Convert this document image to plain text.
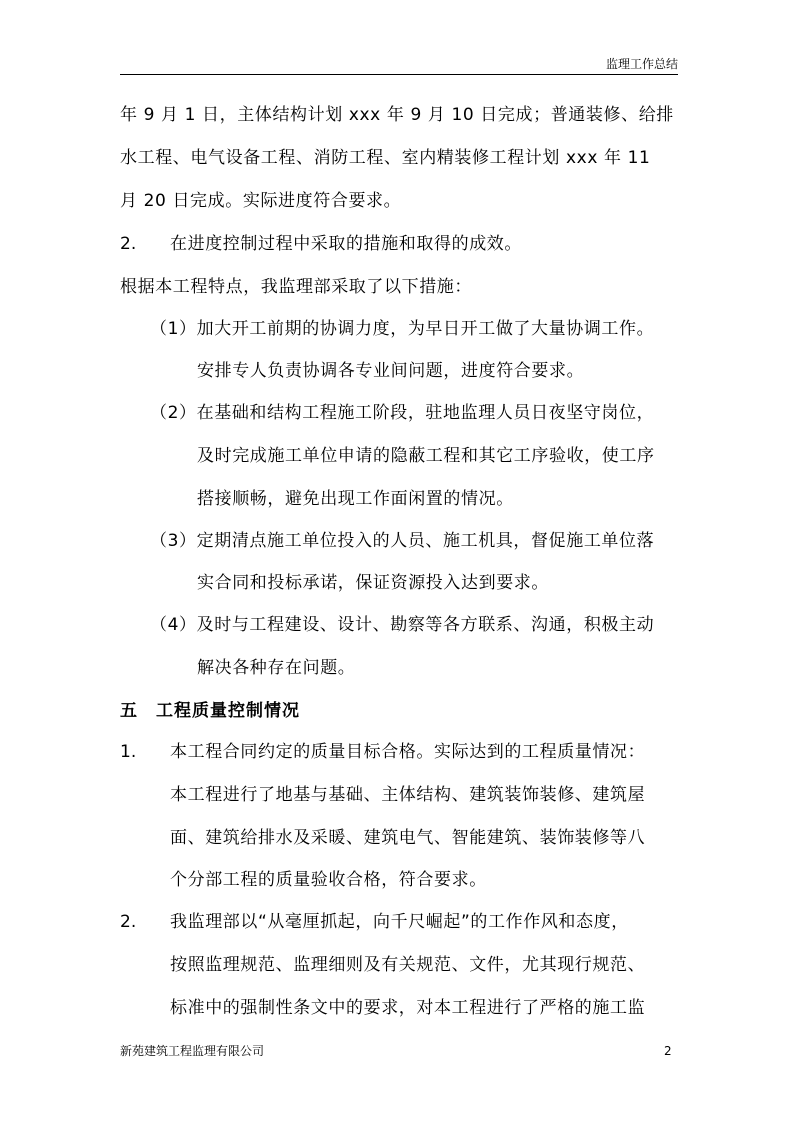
监理工作总结
年 9 月 1 日，主体结构计划 xxx 年 9 月 10 日完成；普通装修、给排
水工程、电气设备工程、消防工程、室内精装修工程计划 xxx 年 11
月 20 日完成。实际进度符合要求。
2. 在进度控制过程中采取的措施和取得的成效。
根据本工程特点，我监理部采取了以下措施：
（1）加大开工前期的协调力度，为早日开工做了大量协调工作。
安排专人负责协调各专业间问题，进度符合要求。
（2）在基础和结构工程施工阶段，驻地监理人员日夜坚守岗位，
及时完成施工单位申请的隐蔽工程和其它工序验收，使工序
搭接顺畅，避免出现工作面闲置的情况。
（3）定期清点施工单位投入的人员、施工机具，督促施工单位落
实合同和投标承诺，保证资源投入达到要求。
（4）及时与工程建设、设计、勘察等各方联系、沟通，积极主动
解决各种存在问题。
五　工程质量控制情况
1. 本工程合同约定的质量目标合格。实际达到的工程质量情况：
本工程进行了地基与基础、主体结构、建筑装饰装修、建筑屋
面、建筑给排水及采暖、建筑电气、智能建筑、装饰装修等八
个分部工程的质量验收合格，符合要求。
2. 我监理部以“从毫厘抓起，向千尺崛起”的工作作风和态度，
按照监理规范、监理细则及有关规范、文件，尤其现行规范、
标准中的强制性条文中的要求，对本工程进行了严格的施工监
新苑建筑工程监理有限公司	2
